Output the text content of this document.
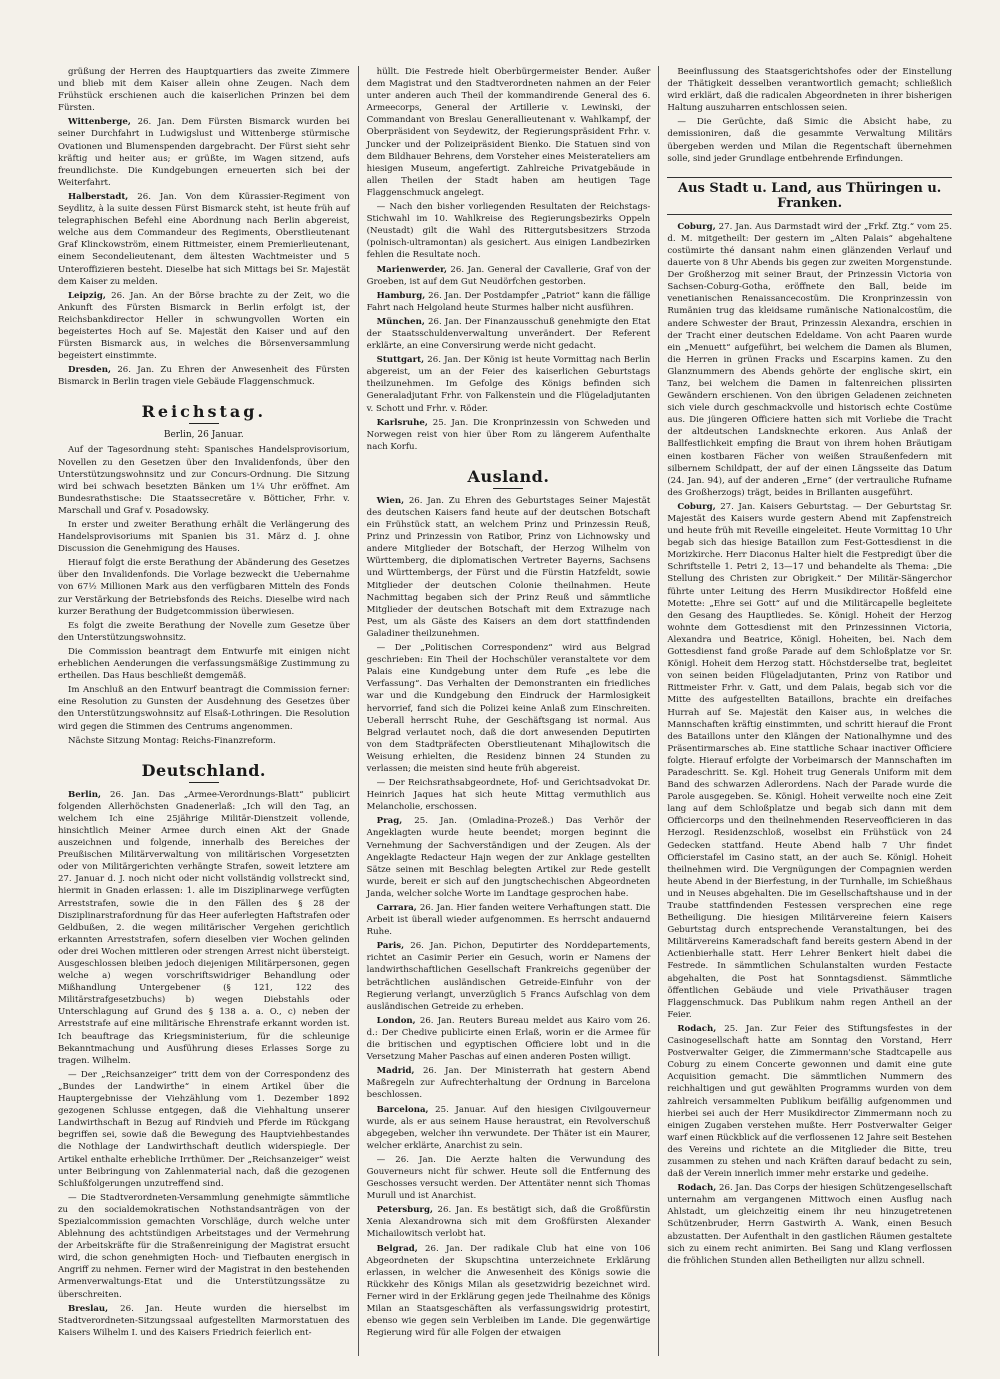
grüßung der Herren des Hauptquartiers das zweite Zimmere und blieb mit dem Kaiser allein ohne Zeugen. Nach dem Frühstück erschienen auch die kaiserlichen Prinzen bei dem Fürsten.

Wittenberge, 26. Jan. Dem Fürsten Bismarck wurden bei seiner Durchfahrt in Ludwigslust und Wittenberge stürmische Ovationen und Blumenspenden dargebracht. Der Fürst sieht sehr kräftig und heiter aus; er grüßte, im Wagen sitzend, aufs freundlichste. Die Kundgebungen erneuerten sich bei der Weiterfahrt.

Halberstadt, 26. Jan. Von dem Kürassier-Regiment von Seydlitz, à la suite dessen Fürst Bismarck steht, ist heute früh auf telegraphischen Befehl eine Abordnung nach Berlin abgereist, welche aus dem Commandeur des Regiments, Oberstlieutenant Graf Klinckowström, einem Rittmeister, einem Premierlieutenant, einem Secondelieutenant, dem ältesten Wachtmeister und 5 Unteroffizieren besteht. Dieselbe hat sich Mittags bei Sr. Majestät dem Kaiser zu melden.

Leipzig, 26. Jan. An der Börse brachte zu der Zeit, wo die Ankunft des Fürsten Bismarck in Berlin erfolgt ist, der Reichsbankdirector Heller in schwungvollen Worten ein begeistertes Hoch auf Se. Majestät den Kaiser und auf den Fürsten Bismarck aus, in welches die Börsenversammlung begeistert einstimmte.

Dresden, 26. Jan. Zu Ehren der Anwesenheit des Fürsten Bismarck in Berlin tragen viele Gebäude Flaggenschmuck.

Reichstag.
Berlin, 26 Januar.

Auf der Tagesordnung steht: Spanisches Handelsprovisorium, Novellen zu den Gesetzen über den Invalidenfonds, über den Unterstützungswohnsitz und zur Concurs-Ordnung. Die Sitzung wird bei schwach besetzten Bänken um 1¼ Uhr eröffnet. Am Bundesrathstische: Die Staatssecretäre v. Bötticher, Frhr. v. Marschall und Graf v. Posadowsky.

In erster und zweiter Berathung erhält die Verlängerung des Handelsprovisoriums mit Spanien bis 31. März d. J. ohne Discussion die Genehmigung des Hauses.

Hierauf folgt die erste Berathung der Abänderung des Gesetzes über den Invalidenfonds. Die Vorlage bezweckt die Uebernahme von 67½ Millionen Mark aus den verfügbaren Mitteln des Fonds zur Verstärkung der Betriebsfonds des Reichs. Dieselbe wird nach kurzer Berathung der Budgetcommission überwiesen.

Es folgt die zweite Berathung der Novelle zum Gesetze über den Unterstützungswohnsitz.

Die Commission beantragt dem Entwurfe mit einigen nicht erheblichen Aenderungen die verfassungsmäßige Zustimmung zu ertheilen. Das Haus beschließt demgemäß.

Im Anschluß an den Entwurf beantragt die Commission ferner: eine Resolution zu Gunsten der Ausdehnung des Gesetzes über den Unterstützungswohnsitz auf Elsaß-Lothringen. Die Resolution wird gegen die Stimmen des Centrums angenommen.

Nächste Sitzung Montag: Reichs-Finanzreform.

Deutschland.

Berlin, 26. Jan. Das „Armee-Verordnungs-Blatt“ publicirt folgenden Allerhöchsten Gnadenerlaß: „Ich will den Tag, an welchem Ich eine 25jährige Militär-Dienstzeit vollende, hinsichtlich Meiner Armee durch einen Akt der Gnade auszeichnen und folgende, innerhalb des Bereiches der Preußischen Militärverwaltung von militärischen Vorgesetzten oder von Militärgerichten verhängte Strafen, soweit letztere am 27. Januar d. J. noch nicht oder nicht vollständig vollstreckt sind, hiermit in Gnaden erlassen: 1. alle im Disziplinarwege verfügten Arreststrafen, sowie die in den Fällen des § 28 der Disziplinarstrafordnung für das Heer auferlegten Haftstrafen oder Geldbußen, 2. die wegen militärischer Vergehen gerichtlich erkannten Arreststrafen, sofern dieselben vier Wochen gelinden oder drei Wochen mittleren oder strengen Arrest nicht übersteigt. Ausgeschlossen bleiben jedoch diejenigen Militärpersonen, gegen welche a) wegen vorschriftswidriger Behandlung oder Mißhandlung Untergebener (§ 121, 122 des Militärstrafgesetzbuchs) b) wegen Diebstahls oder Unterschlagung auf Grund des § 138 a. a. O., c) neben der Arreststrafe auf eine militärische Ehrenstrafe erkannt worden ist. Ich beauftrage das Kriegsministerium, für die schleunige Bekanntmachung und Ausführung dieses Erlasses Sorge zu tragen. Wilhelm.

— Der „Reichsanzeiger“ tritt dem von der Correspondenz des „Bundes der Landwirthe“ in einem Artikel über die Hauptergebnisse der Viehzählung vom 1. Dezember 1892 gezogenen Schlusse entgegen, daß die Viehhaltung unserer Landwirthschaft in Bezug auf Rindvieh und Pferde im Rückgang begriffen sei, sowie daß die Bewegung des Hauptviehbestandes die Nothlage der Landwirthschaft deutlich widerspiegle. Der Artikel enthalte erhebliche Irrthümer. Der „Reichsanzeiger“ weist unter Beibringung von Zahlenmaterial nach, daß die gezogenen Schlußfolgerungen unzutreffend sind.

— Die Stadtverordneten-Versammlung genehmigte sämmtliche zu den socialdemokratischen Nothstandsanträgen von der Spezialcommission gemachten Vorschläge, durch welche unter Ablehnung des achtstündigen Arbeitstages und der Vermehrung der Arbeitskräfte für die Straßenreinigung der Magistrat ersucht wird, die schon genehmigten Hoch- und Tiefbauten energisch in Angriff zu nehmen. Ferner wird der Magistrat in den bestehenden Armenverwaltungs-Etat und die Unterstützungssätze zu überschreiten.

Breslau, 26. Jan. Heute wurden die hierselbst im Stadtverordneten-Sitzungssaal aufgestellten Marmorstatuen des Kaisers Wilhelm I. und des Kaisers Friedrich feierlich ent-

hüllt. Die Festrede hielt Oberbürgermeister Bender. Außer dem Magistrat und den Stadtverordneten nahmen an der Feier unter anderen auch Theil der kommandirende General des 6. Armeecorps, General der Artillerie v. Lewinski, der Commandant von Breslau Generallieutenant v. Wahlkampf, der Oberpräsident von Seydewitz, der Regierungspräsident Frhr. v. Juncker und der Polizeipräsident Bienko. Die Statuen sind von dem Bildhauer Behrens, dem Vorsteher eines Meisterateliers am hiesigen Museum, angefertigt. Zahlreiche Privatgebäude in allen Theilen der Stadt haben am heutigen Tage Flaggenschmuck angelegt.

— Nach den bisher vorliegenden Resultaten der Reichstags-Stichwahl im 10. Wahlkreise des Regierungsbezirks Oppeln (Neustadt) gilt die Wahl des Rittergutsbesitzers Strzoda (polnisch-ultramontan) als gesichert. Aus einigen Landbezirken fehlen die Resultate noch.

Marienwerder, 26. Jan. General der Cavallerie, Graf von der Groeben, ist auf dem Gut Neudörfchen gestorben.

Hamburg, 26. Jan. Der Postdampfer „Patriot“ kann die fällige Fahrt nach Helgoland heute Sturmes halber nicht ausführen.

München, 26. Jan. Der Finanzausschuß genehmigte den Etat der Staatsschuldenverwaltung unverändert. Der Referent erklärte, an eine Conversirung werde nicht gedacht.

Stuttgart, 26. Jan. Der König ist heute Vormittag nach Berlin abgereist, um an der Feier des kaiserlichen Geburtstags theilzunehmen. Im Gefolge des Königs befinden sich Generaladjutant Frhr. von Falkenstein und die Flügeladjutanten v. Schott und Frhr. v. Röder.

Karlsruhe, 25. Jan. Die Kronprinzessin von Schweden und Norwegen reist von hier über Rom zu längerem Aufenthalte nach Korfu.

Ausland.

Wien, 26. Jan. Zu Ehren des Geburtstages Seiner Majestät des deutschen Kaisers fand heute auf der deutschen Botschaft ein Frühstück statt, an welchem Prinz und Prinzessin Reuß, Prinz und Prinzessin von Ratibor, Prinz von Lichnowsky und andere Mitglieder der Botschaft, der Herzog Wilhelm von Württemberg, die diplomatischen Vertreter Bayerns, Sachsens und Württembergs, der Fürst und die Fürstin Hatzfeldt, sowie Mitglieder der deutschen Colonie theilnahmen. Heute Nachmittag begaben sich der Prinz Reuß und sämmtliche Mitglieder der deutschen Botschaft mit dem Extrazuge nach Pest, um als Gäste des Kaisers an dem dort stattfindenden Galadiner theilzunehmen.

— Der „Politischen Correspondenz“ wird aus Belgrad geschrieben: Ein Theil der Hochschüler veranstaltete vor dem Palais eine Kundgebung unter dem Rufe „es lebe die Verfassung“. Das Verhalten der Demonstranten ein friedliches war und die Kundgebung den Eindruck der Harmlosigkeit hervorrief, fand sich die Polizei keine Anlaß zum Einschreiten. Ueberall herrscht Ruhe, der Geschäftsgang ist normal. Aus Belgrad verlautet noch, daß die dort anwesenden Deputirten von dem Stadtpräfecten Oberstlieutenant Mihajlowitsch die Weisung erhielten, die Residenz binnen 24 Stunden zu verlassen; die meisten sind heute früh abgereist.

— Der Reichsrathsabgeordnete, Hof- und Gerichtsadvokat Dr. Heinrich Jaques hat sich heute Mittag vermuthlich aus Melancholie, erschossen.

Prag, 25. Jan. (Omladina-Prozeß.) Das Verhör der Angeklagten wurde heute beendet; morgen beginnt die Vernehmung der Sachverständigen und der Zeugen. Als der Angeklagte Redacteur Hajn wegen der zur Anklage gestellten Sätze seinen mit Beschlag belegten Artikel zur Rede gestellt wurde, bereit er sich auf den jungtschechischen Abgeordneten Janda, welcher solche Worte im Landtage gesprochen habe.

Carrara, 26. Jan. Hier fanden weitere Verhaftungen statt. Die Arbeit ist überall wieder aufgenommen. Es herrscht andauernd Ruhe.

Paris, 26. Jan. Pichon, Deputirter des Norddepartements, richtet an Casimir Perier ein Gesuch, worin er Namens der landwirthschaftlichen Gesellschaft Frankreichs gegenüber der beträchtlichen ausländischen Getreide-Einfuhr von der Regierung verlangt, unverzüglich 5 Francs Aufschlag von dem ausländischen Getreide zu erheben.

London, 26. Jan. Reuters Bureau meldet aus Kairo vom 26. d.: Der Chedive publicirte einen Erlaß, worin er die Armee für die britischen und egyptischen Officiere lobt und in die Versetzung Maher Paschas auf einen anderen Posten willigt.

Madrid, 26. Jan. Der Ministerrath hat gestern Abend Maßregeln zur Aufrechterhaltung der Ordnung in Barcelona beschlossen.

Barcelona, 25. Januar. Auf den hiesigen Civilgouverneur wurde, als er aus seinem Hause heraustrat, ein Revolverschuß abgegeben, welcher ihn verwundete. Der Thäter ist ein Maurer, welcher erklärte, Anarchist zu sein.

— 26. Jan. Die Aerzte halten die Verwundung des Gouverneurs nicht für schwer. Heute soll die Entfernung des Geschosses versucht werden. Der Attentäter nennt sich Thomas Murull und ist Anarchist.

Petersburg, 26. Jan. Es bestätigt sich, daß die Großfürstin Xenia Alexandrowna sich mit dem Großfürsten Alexander Michailowitsch verlobt hat.

Belgrad, 26. Jan. Der radikale Club hat eine von 106 Abgeordneten der Skupschtina unterzeichnete Erklärung erlassen, in welcher die Anwesenheit des Königs sowie die Rückkehr des Königs Milan als gesetzwidrig bezeichnet wird. Ferner wird in der Erklärung gegen jede Theilnahme des Königs Milan an Staatsgeschäften als verfassungswidrig protestirt, ebenso wie gegen sein Verbleiben im Lande. Die gegenwärtige Regierung wird für alle Folgen der etwaigen

Beeinflussung des Staatsgerichtshofes oder der Einstellung der Thätigkeit desselben verantwortlich gemacht; schließlich wird erklärt, daß die radicalen Abgeordneten in ihrer bisherigen Haltung auszuharren entschlossen seien.

— Die Gerüchte, daß Simic die Absicht habe, zu demissioniren, daß die gesammte Verwaltung Militärs übergeben werden und Milan die Regentschaft übernehmen solle, sind jeder Grundlage entbehrende Erfindungen.

Aus Stadt u. Land, aus Thüringen u. Franken.

Coburg, 27. Jan. Aus Darmstadt wird der „Frkf. Ztg.“ vom 25. d. M. mitgetheilt: Der gestern im „Alten Palais“ abgehaltene costümirte thé dansant nahm einen glänzenden Verlauf und dauerte von 8 Uhr Abends bis gegen zur zweiten Morgenstunde. Der Großherzog mit seiner Braut, der Prinzessin Victoria von Sachsen-Coburg-Gotha, eröffnete den Ball, beide im venetianischen Renaissancecostüm. Die Kronprinzessin von Rumänien trug das kleidsame rumänische Nationalcostüm, die andere Schwester der Braut, Prinzessin Alexandra, erschien in der Tracht einer deutschen Edeldame. Von acht Paaren wurde ein „Menuett“ aufgeführt, bei welchem die Damen als Blumen, die Herren in grünen Fracks und Escarpins kamen. Zu den Glanznummern des Abends gehörte der englische skirt, ein Tanz, bei welchem die Damen in faltenreichen plissirten Gewändern erschienen. Von den übrigen Geladenen zeichneten sich viele durch geschmackvolle und historisch echte Costüme aus. Die jüngeren Officiere hatten sich mit Vorliebe die Tracht der altdeutschen Landsknechte erkoren. Aus Anlaß der Ballfestlichkeit empfing die Braut von ihrem hohen Bräutigam einen kostbaren Fächer von weißen Straußenfedern mit silbernem Schildpatt, der auf der einen Längsseite das Datum (24. Jan. 94), auf der anderen „Erne“ (der vertrauliche Rufname des Großherzogs) trägt, beides in Brillanten ausgeführt.

Coburg, 27. Jan. Kaisers Geburtstag. — Der Geburtstag Sr. Majestät des Kaisers wurde gestern Abend mit Zapfenstreich und heute früh mit Reveille eingeleitet. Heute Vormittag 10 Uhr begab sich das hiesige Bataillon zum Fest-Gottesdienst in die Morizkirche. Herr Diaconus Halter hielt die Festpredigt über die Schriftstelle 1. Petri 2, 13—17 und behandelte als Thema: „Die Stellung des Christen zur Obrigkeit.“ Der Militär-Sängerchor führte unter Leitung des Herrn Musikdirector Hoßfeld eine Motette: „Ehre sei Gott“ auf und die Militärcapelle begleitete den Gesang des Hauptliedes. Se. Königl. Hoheit der Herzog wohnte dem Gottesdienst mit den Prinzessinnen Victoria, Alexandra und Beatrice, Königl. Hoheiten, bei. Nach dem Gottesdienst fand große Parade auf dem Schloßplatze vor Sr. Königl. Hoheit dem Herzog statt. Höchstderselbe trat, begleitet von seinen beiden Flügeladjutanten, Prinz von Ratibor und Rittmeister Frhr. v. Gatt, und dem Palais, begab sich vor die Mitte des aufgestellten Bataillons, brachte ein dreifaches Hurrah auf Se. Majestät den Kaiser aus, in welches die Mannschaften kräftig einstimmten, und schritt hierauf die Front des Bataillons unter den Klängen der Nationalhymne und des Präsentirmarsches ab. Eine stattliche Schaar inactiver Officiere folgte. Hierauf erfolgte der Vorbeimarsch der Mannschaften im Paradeschritt. Se. Kgl. Hoheit trug Generals Uniform mit dem Band des schwarzen Adlerordens. Nach der Parade wurde die Parole ausgegeben. Se. Königl. Hoheit verweilte noch eine Zeit lang auf dem Schloßplatze und begab sich dann mit dem Officiercorps und den theilnehmenden Reserveofficieren in das Herzogl. Residenzschloß, woselbst ein Frühstück von 24 Gedecken stattfand. Heute Abend halb 7 Uhr findet Officierstafel im Casino statt, an der auch Se. Königl. Hoheit theilnehmen wird. Die Vergnügungen der Compagnien werden heute Abend in der Bierfestung, in der Turnhalle, im Schießhaus und in Neuses abgehalten. Die im Gesellschaftshause und in der Traube stattfindenden Festessen versprechen eine rege Betheiligung. Die hiesigen Militärvereine feiern Kaisers Geburtstag durch entsprechende Veranstaltungen, bei des Militärvereins Kameradschaft fand bereits gestern Abend in der Actienbierhalle statt. Herr Lehrer Benkert hielt dabei die Festrede. In sämmtlichen Schulanstalten wurden Festacte abgehalten, die Post hat Sonntagsdienst. Sämmtliche öffentlichen Gebäude und viele Privathäuser tragen Flaggenschmuck. Das Publikum nahm regen Antheil an der Feier.

Rodach, 25. Jan. Zur Feier des Stiftungsfestes in der Casinogesellschaft hatte am Sonntag den Vorstand, Herr Postverwalter Geiger, die Zimmermann'sche Stadtcapelle aus Coburg zu einem Concerte gewonnen und damit eine gute Acquisition gemacht. Die sämmtlichen Nummern des reichhaltigen und gut gewählten Programms wurden von dem zahlreich versammelten Publikum beifällig aufgenommen und hierbei sei auch der Herr Musikdirector Zimmermann noch zu einigen Zugaben verstehen mußte. Herr Postverwalter Geiger warf einen Rückblick auf die verflossenen 12 Jahre seit Bestehen des Vereins und richtete an die Mitglieder die Bitte, treu zusammen zu stehen und nach Kräften darauf bedacht zu sein, daß der Verein innerlich immer mehr erstarke und gedeihe.

Rodach, 26. Jan. Das Corps der hiesigen Schützengesellschaft unternahm am vergangenen Mittwoch einen Ausflug nach Ahlstadt, um gleichzeitig einem ihr neu hinzugetretenen Schützenbruder, Herrn Gastwirth A. Wank, einen Besuch abzustatten. Der Aufenthalt in den gastlichen Räumen gestaltete sich zu einem recht animirten. Bei Sang und Klang verflossen die fröhlichen Stunden allen Betheiligten nur allzu schnell.
